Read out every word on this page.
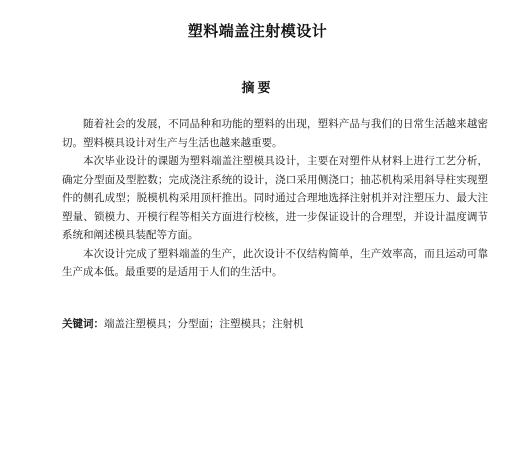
塑料端盖注射模设计
摘要

随着社会的发展，不同品种和功能的塑料的出现，塑料产品与我们的日常生活越来越密切。塑料模具设计对生产与生活也越来越重要。

本次毕业设计的课题为塑料端盖注塑模具设计，主要在对塑件从材料上进行工艺分析，确定分型面及型腔数；完成浇注系统的设计，浇口采用侧浇口；抽芯机构采用斜导柱实现塑件的侧孔成型；脱模机构采用顶杆推出。同时通过合理地选择注射机并对注塑压力、最大注塑量、锁模力、开模行程等相关方面进行校核，进一步保证设计的合理型，并设计温度调节系统和阐述模具装配等方面。

本次设计完成了塑料端盖的生产，此次设计不仅结构简单，生产效率高，而且运动可靠生产成本低。最重要的是适用于人们的生活中。

关键词：端盖注塑模具；分型面；注塑模具；注射机
